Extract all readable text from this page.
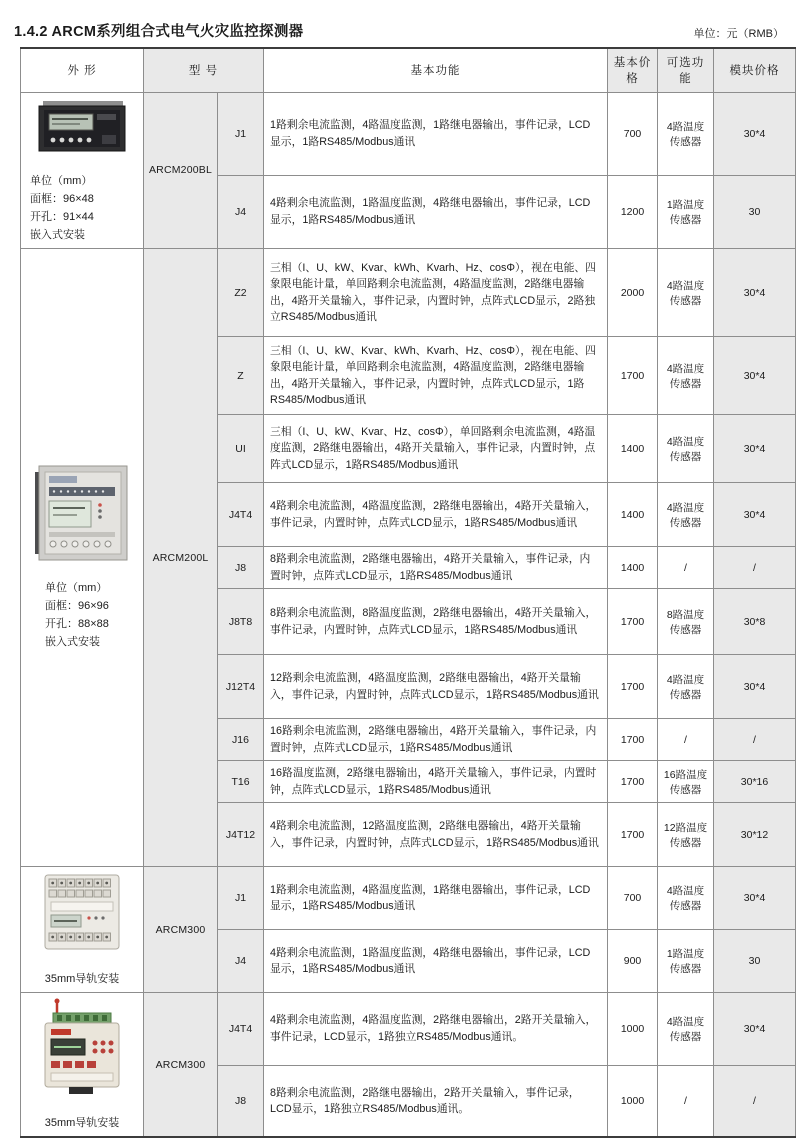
1.4.2 ARCM系列组合式电气火灾监控探测器	单位：元（RMB）
外 形	型 号		基本功能	基本价格	可选功能	模块价格

单位（mm）
面框：96×48
开孔：91×44
嵌入式安装	ARCM200BL	J1	1路剩余电流监测，4路温度监测，1路继电器输出，事件记录，LCD显示，1路RS485/Modbus通讯	700	4路温度传感器	30*4
		J4	4路剩余电流监测，1路温度监测，4路继电器输出，事件记录，LCD显示，1路RS485/Modbus通讯	1200	1路温度传感器	30

单位（mm）
面框：96×96
开孔：88×88
嵌入式安装	ARCM200L	Z2	三相（I、U、kW、Kvar、kWh、Kvarh、Hz、cosΦ），视在电能、四象限电能计量，单回路剩余电流监测，4路温度监测，2路继电器输出，4路开关量输入，事件记录，内置时钟，点阵式LCD显示，2路独立RS485/Modbus通讯	2000	4路温度传感器	30*4
		Z	三相（I、U、kW、Kvar、kWh、Kvarh、Hz、cosΦ），视在电能、四象限电能计量，单回路剩余电流监测，4路温度监测，2路继电器输出，4路开关量输入，事件记录，内置时钟，点阵式LCD显示，1路RS485/Modbus通讯	1700	4路温度传感器	30*4
		UI	三相（I、U、kW、Kvar、Hz、cosΦ），单回路剩余电流监测，4路温度监测，2路继电器输出，4路开关量输入，事件记录，内置时钟，点阵式LCD显示，1路RS485/Modbus通讯	1400	4路温度传感器	30*4
		J4T4	4路剩余电流监测，4路温度监测，2路继电器输出，4路开关量输入，事件记录，内置时钟，点阵式LCD显示，1路RS485/Modbus通讯	1400	4路温度传感器	30*4
		J8	8路剩余电流监测，2路继电器输出，4路开关量输入，事件记录，内置时钟，点阵式LCD显示，1路RS485/Modbus通讯	1400	/	/
		J8T8	8路剩余电流监测，8路温度监测，2路继电器输出，4路开关量输入，事件记录，内置时钟，点阵式LCD显示，1路RS485/Modbus通讯	1700	8路温度传感器	30*8
		J12T4	12路剩余电流监测，4路温度监测，2路继电器输出，4路开关量输入，事件记录，内置时钟，点阵式LCD显示，1路RS485/Modbus通讯	1700	4路温度传感器	30*4
		J16	16路剩余电流监测，2路继电器输出，4路开关量输入，事件记录，内置时钟，点阵式LCD显示，1路RS485/Modbus通讯	1700	/	/
		T16	16路温度监测，2路继电器输出，4路开关量输入，事件记录，内置时钟，点阵式LCD显示，1路RS485/Modbus通讯	1700	16路温度传感器	30*16
		J4T12	4路剩余电流监测，12路温度监测，2路继电器输出，4路开关量输入，事件记录，内置时钟，点阵式LCD显示，1路RS485/Modbus通讯	1700	12路温度传感器	30*12

35mm导轨安装	ARCM300	J1	1路剩余电流监测，4路温度监测，1路继电器输出，事件记录，LCD显示，1路RS485/Modbus通讯	700	4路温度传感器	30*4
		J4	4路剩余电流监测，1路温度监测，4路继电器输出，事件记录，LCD显示，1路RS485/Modbus通讯	900	1路温度传感器	30

35mm导轨安装	ARCM300	J4T4	4路剩余电流监测，4路温度监测，2路继电器输出，2路开关量输入，事件记录，LCD显示，1路独立RS485/Modbus通讯。	1000	4路温度传感器	30*4
		J8	8路剩余电流监测，2路继电器输出，2路开关量输入，事件记录，LCD显示，1路独立RS485/Modbus通讯。	1000	/	/
